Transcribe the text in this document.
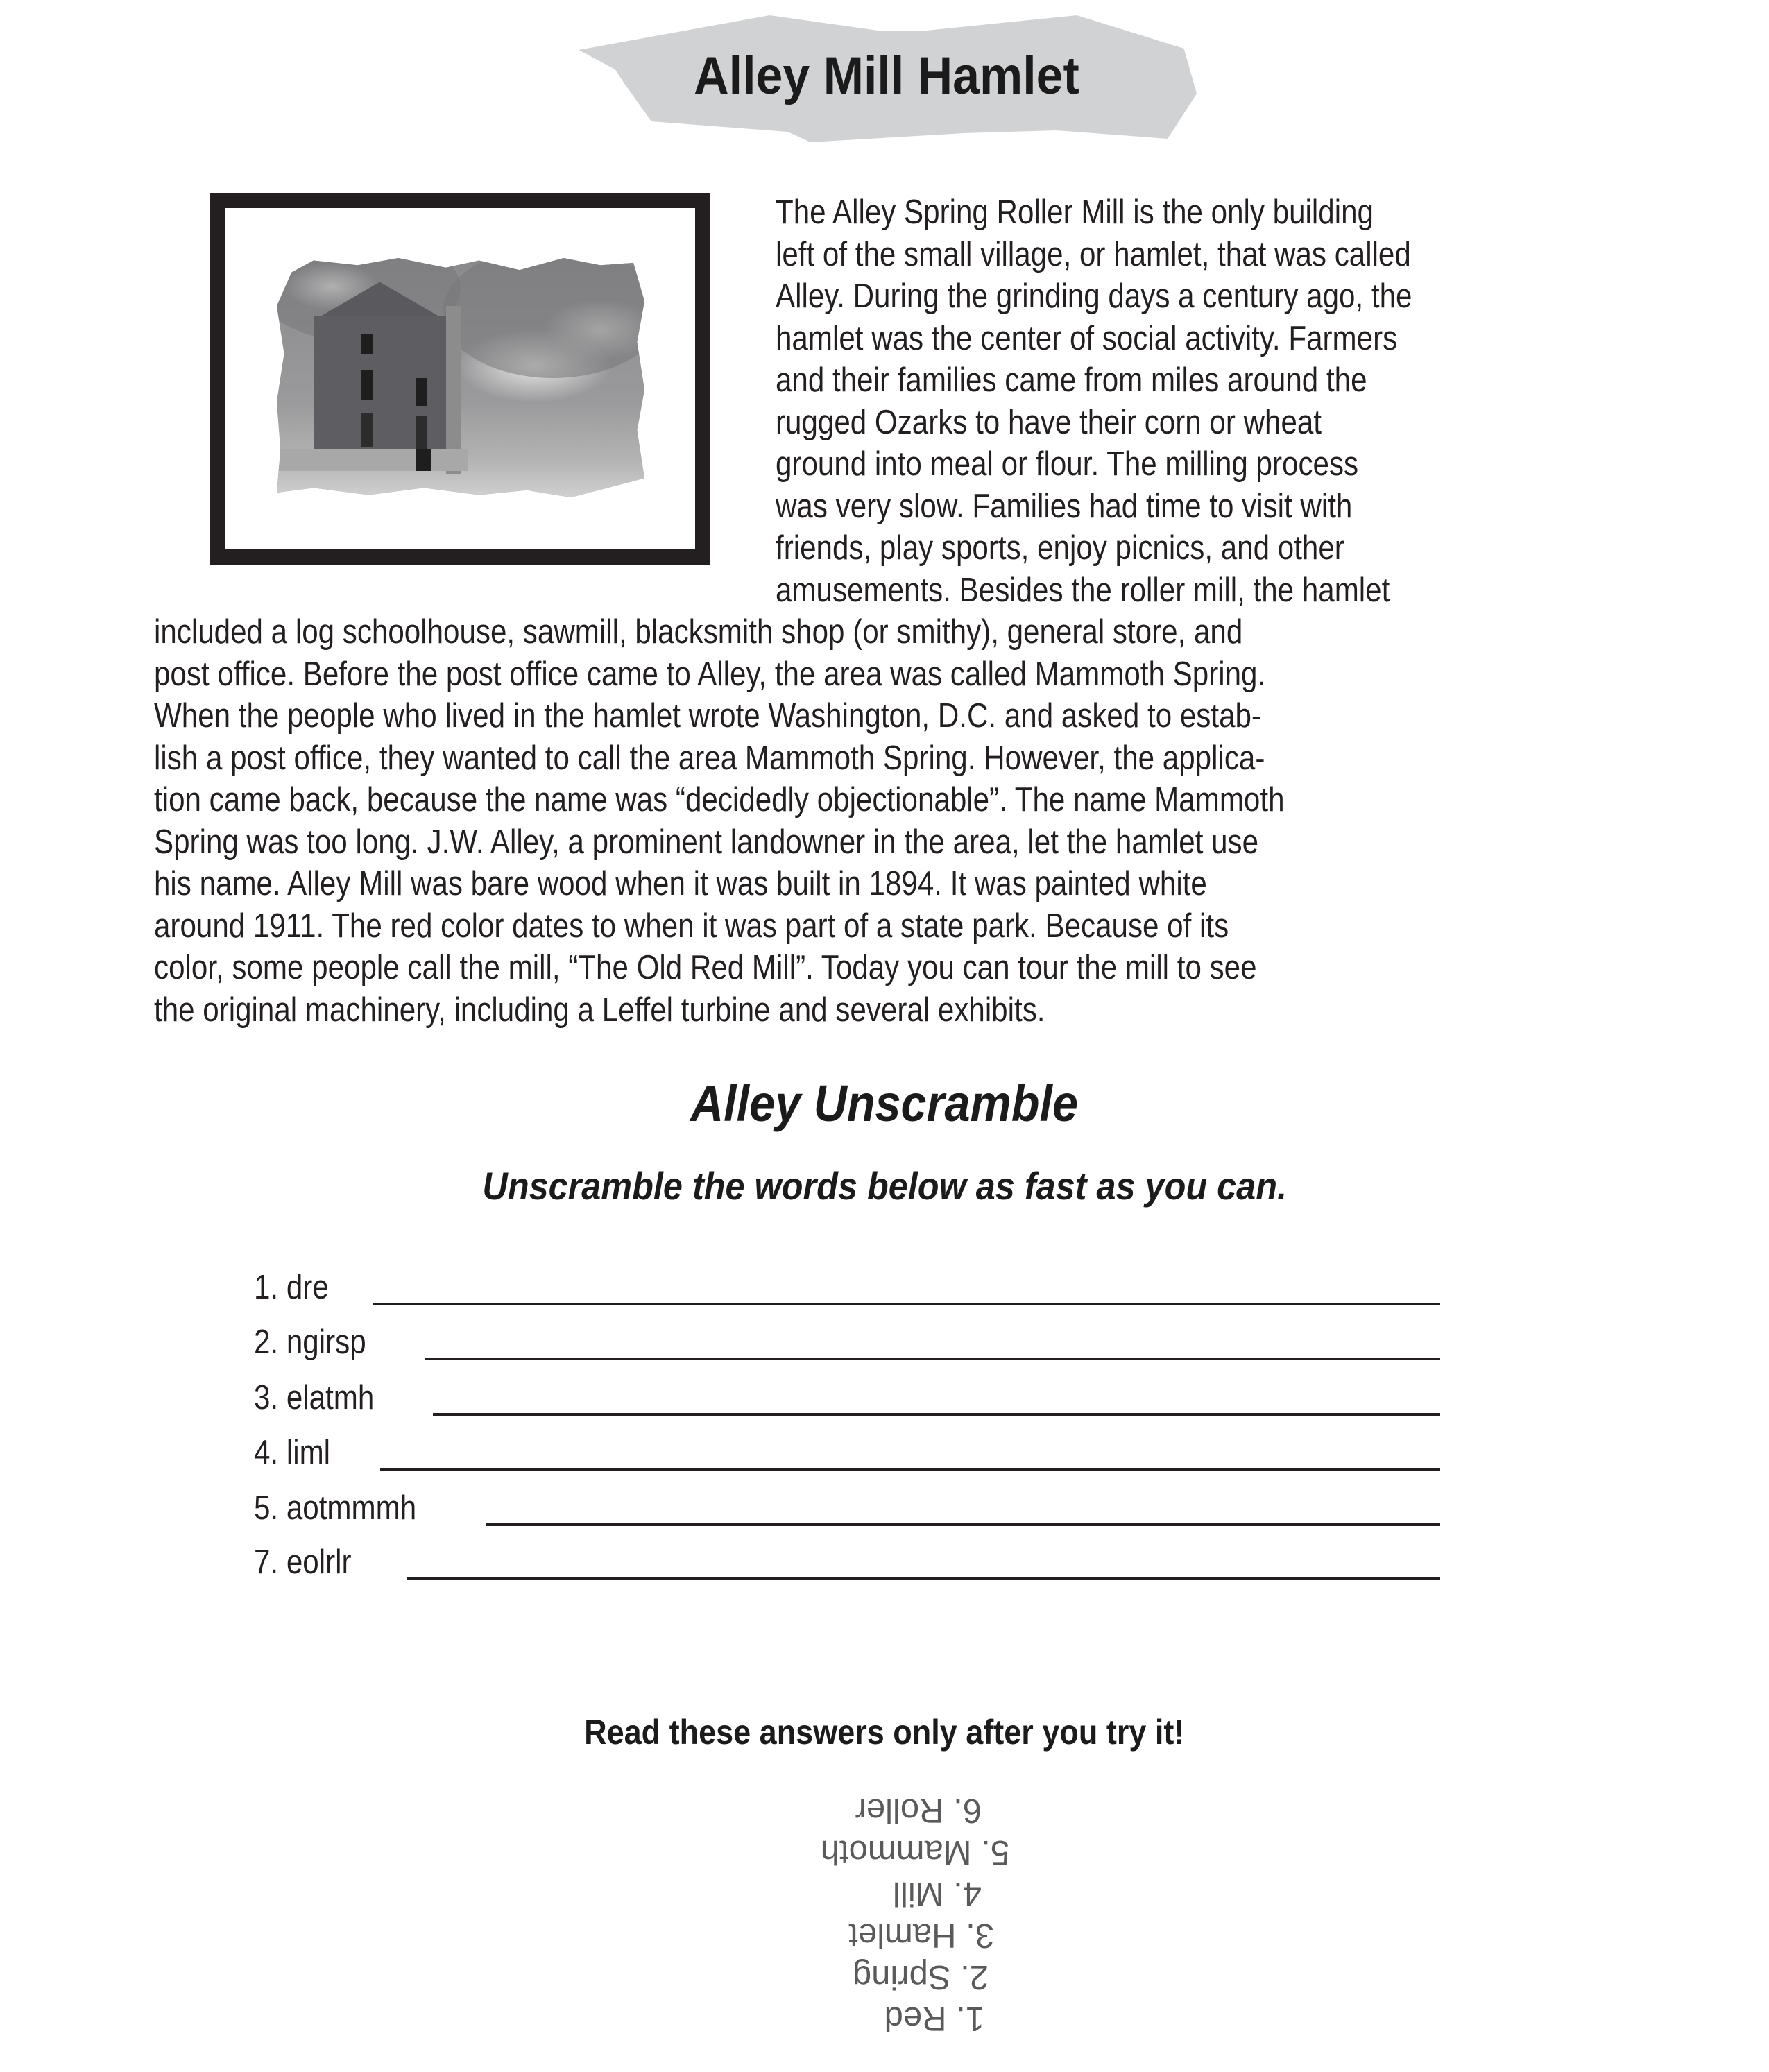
Alley Mill Hamlet
The Alley Spring Roller Mill is the only building
left of the small village, or hamlet, that was called
Alley. During the grinding days a century ago, the
hamlet was the center of social activity. Farmers
and their families came from miles around the
rugged Ozarks to have their corn or wheat
ground into meal or flour. The milling process
was very slow. Families had time to visit with
friends, play sports, enjoy picnics, and other
amusements. Besides the roller mill, the hamlet
included a log schoolhouse, sawmill, blacksmith shop (or smithy), general store, and
post office. Before the post office came to Alley, the area was called Mammoth Spring.
When the people who lived in the hamlet wrote Washington, D.C. and asked to estab-
lish a post office, they wanted to call the area Mammoth Spring. However, the applica-
tion came back, because the name was “decidedly objectionable”. The name Mammoth
Spring was too long. J.W. Alley, a prominent landowner in the area, let the hamlet use
his name. Alley Mill was bare wood when it was built in 1894. It was painted white
around 1911. The red color dates to when it was part of a state park. Because of its
color, some people call the mill, “The Old Red Mill”. Today you can tour the mill to see
the original machinery, including a Leffel turbine and several exhibits.
Alley Unscramble
Unscramble the words below as fast as you can.
1. dre
2. ngirsp
3. elatmh
4. liml
5. aotmmmh
7. eolrlr
Read these answers only after you try it!
1. Red
2. Spring
3. Hamlet
4. Mill
5. Mammoth
6. Roller
